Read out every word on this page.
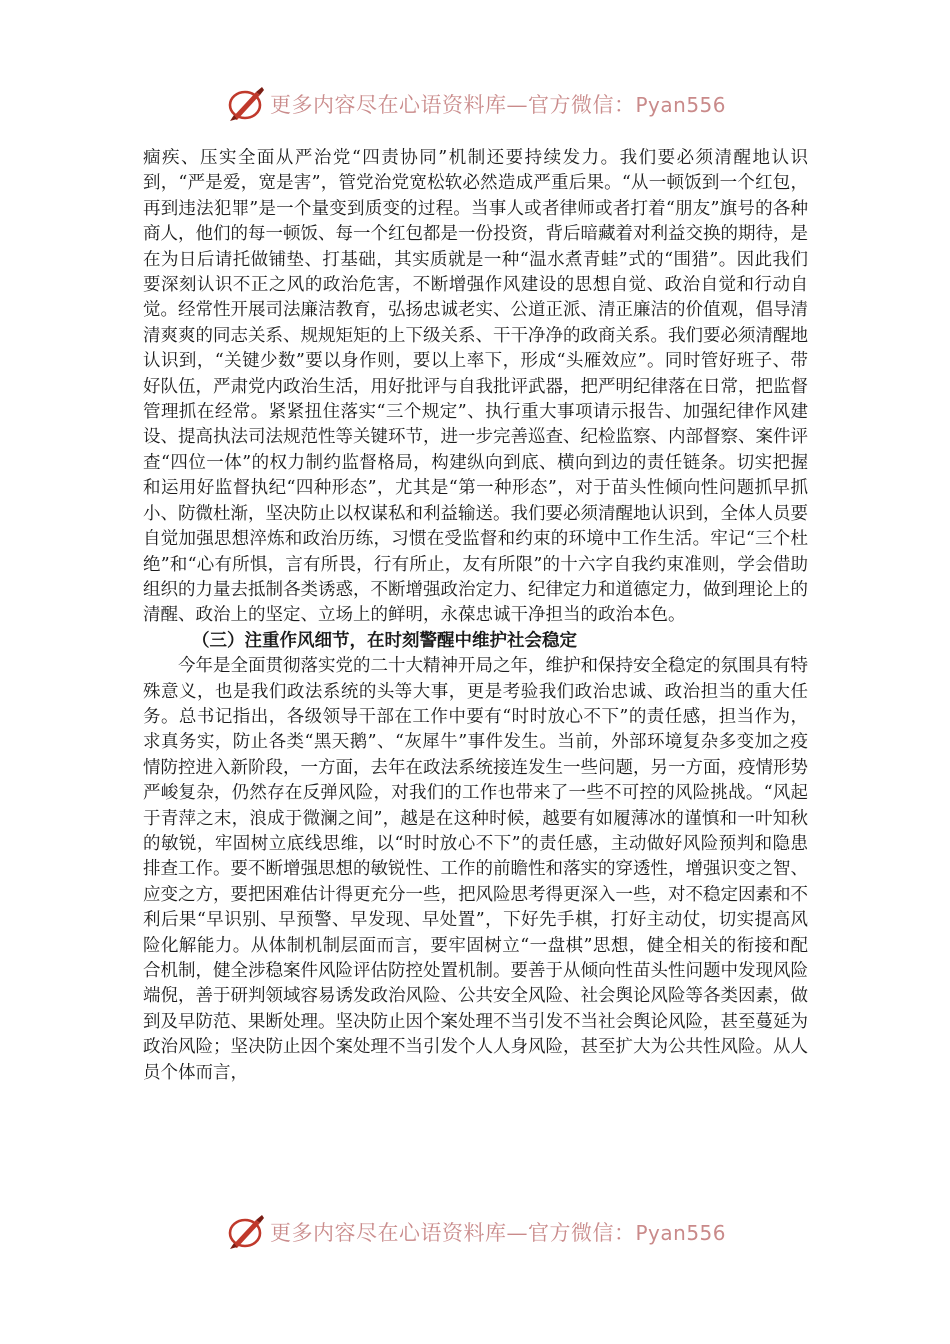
更多内容尽在心语资料库—官方微信：Pyan556

痼疾、压实全面从严治党“四责协同”机制还要持续发力。我们要必须清醒地认识到，“严是爱，宽是害”，管党治党宽松软必然造成严重后果。“从一顿饭到一个红包，再到违法犯罪”是一个量变到质变的过程。当事人或者律师或者打着“朋友”旗号的各种商人，他们的每一顿饭、每一个红包都是一份投资，背后暗藏着对利益交换的期待，是在为日后请托做铺垫、打基础，其实质就是一种“温水煮青蛙”式的“围猎”。因此我们要深刻认识不正之风的政治危害，不断增强作风建设的思想自觉、政治自觉和行动自觉。经常性开展司法廉洁教育，弘扬忠诚老实、公道正派、清正廉洁的价值观，倡导清清爽爽的同志关系、规规矩矩的上下级关系、干干净净的政商关系。我们要必须清醒地认识到，“关键少数”要以身作则，要以上率下，形成“头雁效应”。同时管好班子、带好队伍，严肃党内政治生活，用好批评与自我批评武器，把严明纪律落在日常，把监督管理抓在经常。紧紧扭住落实“三个规定”、执行重大事项请示报告、加强纪律作风建设、提高执法司法规范性等关键环节，进一步完善巡查、纪检监察、内部督察、案件评查“四位一体”的权力制约监督格局，构建纵向到底、横向到边的责任链条。切实把握和运用好监督执纪“四种形态”，尤其是“第一种形态”，对于苗头性倾向性问题抓早抓小、防微杜渐，坚决防止以权谋私和利益输送。我们要必须清醒地认识到，全体人员要自觉加强思想淬炼和政治历练，习惯在受监督和约束的环境中工作生活。牢记“三个杜绝”和“心有所惧，言有所畏，行有所止，友有所限”的十六字自我约束准则，学会借助组织的力量去抵制各类诱惑，不断增强政治定力、纪律定力和道德定力，做到理论上的清醒、政治上的坚定、立场上的鲜明，永葆忠诚干净担当的政治本色。

（三）注重作风细节，在时刻警醒中维护社会稳定

今年是全面贯彻落实党的二十大精神开局之年，维护和保持安全稳定的氛围具有特殊意义，也是我们政法系统的头等大事，更是考验我们政治忠诚、政治担当的重大任务。总书记指出，各级领导干部在工作中要有“时时放心不下”的责任感，担当作为，求真务实，防止各类“黑天鹅”、“灰犀牛”事件发生。当前，外部环境复杂多变加之疫情防控进入新阶段，一方面，去年在政法系统接连发生一些问题，另一方面，疫情形势严峻复杂，仍然存在反弹风险，对我们的工作也带来了一些不可控的风险挑战。“风起于青萍之末，浪成于微澜之间”，越是在这种时候，越要有如履薄冰的谨慎和一叶知秋的敏锐，牢固树立底线思维，以“时时放心不下”的责任感，主动做好风险预判和隐患排查工作。要不断增强思想的敏锐性、工作的前瞻性和落实的穿透性，增强识变之智、应变之方，要把困难估计得更充分一些，把风险思考得更深入一些，对不稳定因素和不利后果“早识别、早预警、早发现、早处置”，下好先手棋，打好主动仗，切实提高风险化解能力。从体制机制层面而言，要牢固树立“一盘棋”思想，健全相关的衔接和配合机制，健全涉稳案件风险评估防控处置机制。要善于从倾向性苗头性问题中发现风险端倪，善于研判领域容易诱发政治风险、公共安全风险、社会舆论风险等各类因素，做到及早防范、果断处理。坚决防止因个案处理不当引发不当社会舆论风险，甚至蔓延为政治风险；坚决防止因个案处理不当引发个人人身风险，甚至扩大为公共性风险。从人员个体而言，

更多内容尽在心语资料库—官方微信：Pyan556
